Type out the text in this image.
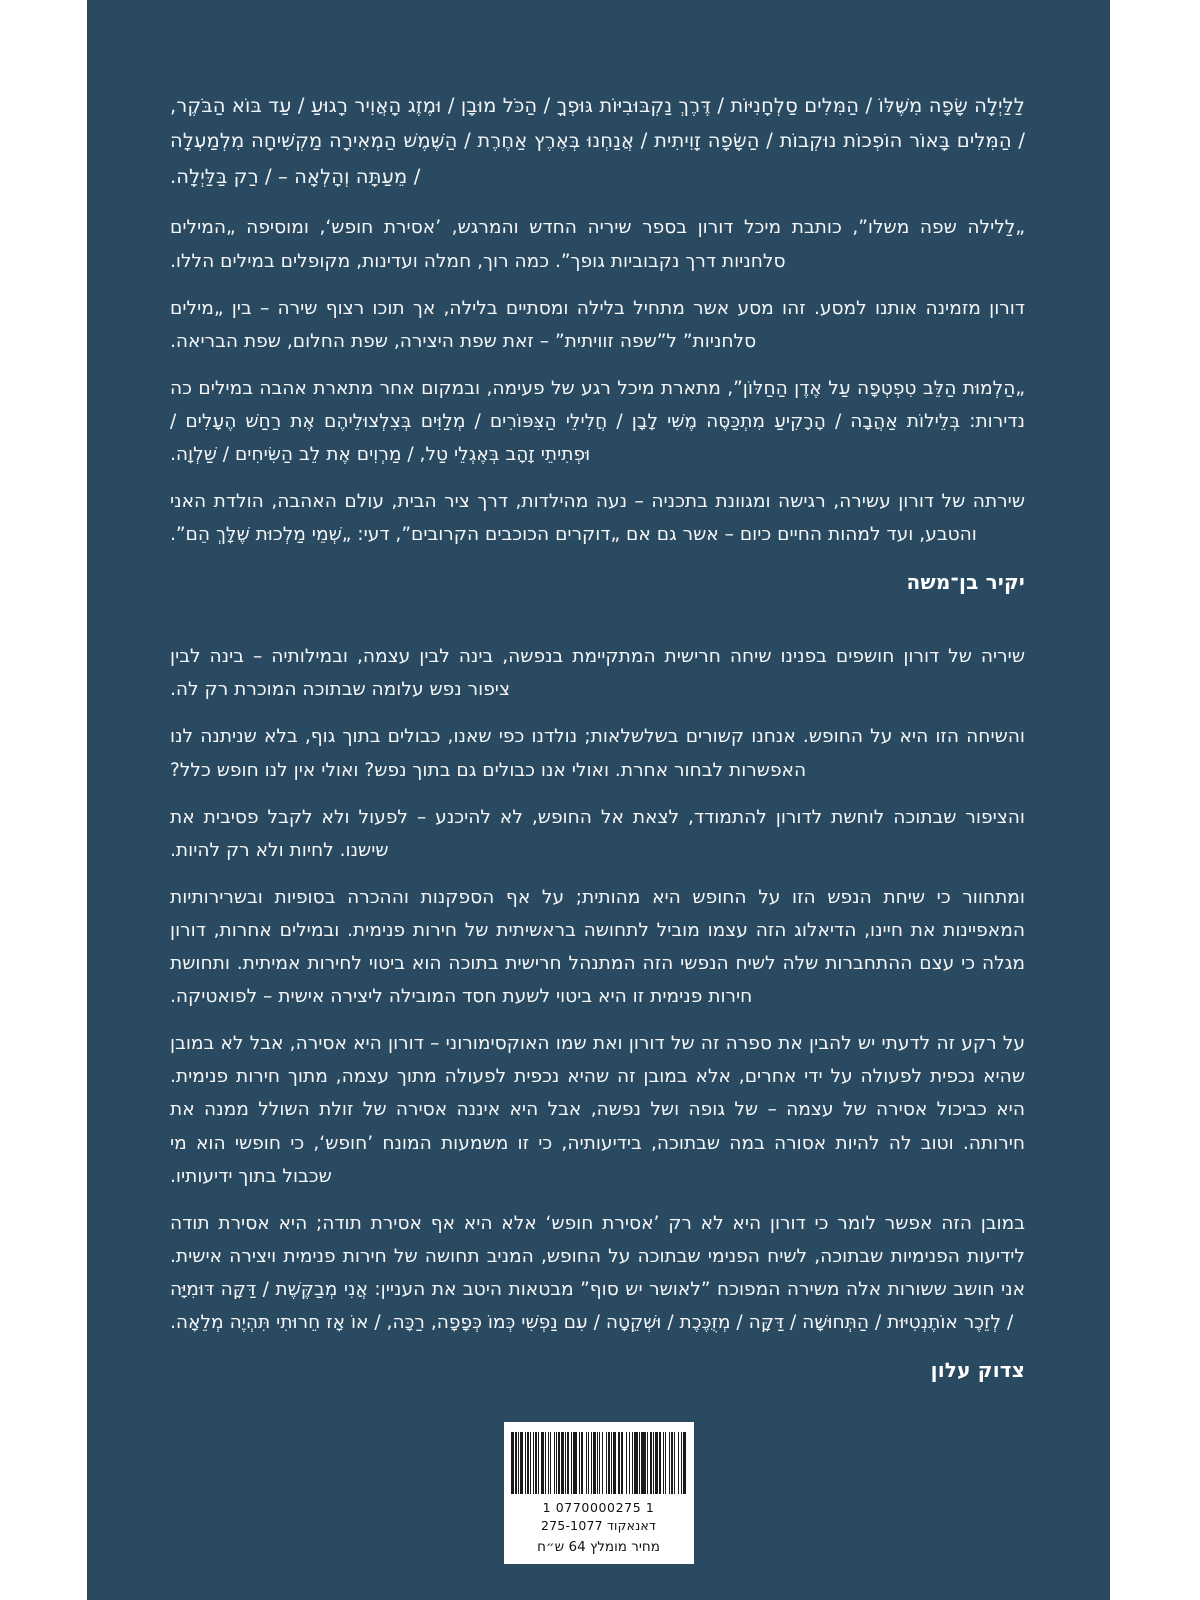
לַלַּיְלָה שָׂפָה מִשֶּׁלּוֹ / הַמִּלִים סַלְחָנִיּוֹת / דֶּרֶךְ נַקְבּוּבִיּוֹת גּוּפְךָ / הַכֹּל מוּבָן / וּמֶזֶג הָאֲוִיר רָגוּעַ / עַד בּוֹא הַבֹּקֶר, / הַמִּלִים בָּאוֹר הוֹפְכוֹת נוּקְבוֹת / הַשָּׂפָה זָוִיתִית / אֲנַחְנוּ בְּאֶרֶץ אַחֶרֶת / הַשֶּׁמֶשׁ הַמְאִירָה מַקְשִׁיחָה מִלְמַעְלָה / מֵעַתָּה וְהָלְאָה – / רַק בַּלַּיְלָה.

„לַלילה שפה משלו”, כותבת מיכל דורון בספר שיריה החדש והמרגש, ’אסירת חופש‘, ומוסיפה „המילים סלחניות דרך נקבוביות גופך”. כמה רוך, חמלה ועדינות, מקופלים במילים הללו.

דורון מזמינה אותנו למסע. זהו מסע אשר מתחיל בלילה ומסתיים בלילה, אך תוכו רצוף שירה – בין „מילים סלחניות” ל”שפה זוויתית” – זאת שפת היצירה, שפת החלום, שפת הבריאה.

„הַלְמוּת הַלֵּב טִפְטְפָה עַל אֶדֶן הַחַלּוֹן”, מתארת מיכל רגע של פעימה, ובמקום אחר מתארת אהבה במילים כה נדירות: בְּלֵילוֹת אַהֲבָה / הָרָקִיעַ מִתְכַּסֶּה מֶשִׁי לָבָן / חֲלִילֵי הַצִּפּוֹרִים / מְלַוִּים בְּצִלְצוּלֵיהֶם אֶת רַחַשׁ הֶעָלִים / וּפְתִיתֵי זָהָב בְּאֶגְלֵי טַל, / מַרְוִים אֶת לֵב הַשִּׂיחִים / שַׁלְוָה.

שירתה של דורון עשירה, רגישה ומגוונת בתכניה – נעה מהילדות, דרך ציר הבית, עולם האהבה, הולדת האני והטבע, ועד למהות החיים כיום – אשר גם אם „דוקרים הכוכבים הקרובים”, דעי: „שְׁמֵי מַלְכוּת שֶׁלָּךְ הֵם”.

יקיר בן־משה

שיריה של דורון חושפים בפנינו שיחה חרישית המתקיימת בנפשה, בינה לבין עצמה, ובמילותיה – בינה לבין ציפור נפש עלומה שבתוכה המוכרת רק לה.

והשיחה הזו היא על החופש. אנחנו קשורים בשלשלאות; נולדנו כפי שאנו, כבולים בתוך גוף, בלא שניתנה לנו האפשרות לבחור אחרת. ואולי אנו כבולים גם בתוך נפש? ואולי אין לנו חופש כלל?

והציפור שבתוכה לוחשת לדורון להתמודד, לצאת אל החופש, לא להיכנע – לפעול ולא לקבל פסיבית את שישנו. לחיות ולא רק להיות.

ומתחוור כי שיחת הנפש הזו על החופש היא מהותית; על אף הספקנות וההכרה בסופיות ובשרירותיות המאפיינות את חיינו, הדיאלוג הזה עצמו מוביל לתחושה בראשיתית של חירות פנימית. ובמילים אחרות, דורון מגלה כי עצם ההתחברות שלה לשיח הנפשי הזה המתנהל חרישית בתוכה הוא ביטוי לחירות אמיתית. ותחושת חירות פנימית זו היא ביטוי לשעת חסד המובילה ליצירה אישית – לפואטיקה.

על רקע זה לדעתי יש להבין את ספרה זה של דורון ואת שמו האוקסימורוני – דורון היא אסירה, אבל לא במובן שהיא נכפית לפעולה על ידי אחרים, אלא במובן זה שהיא נכפית לפעולה מתוך עצמה, מתוך חירות פנימית. היא כביכול אסירה של עצמה – של גופה ושל נפשה, אבל היא איננה אסירה של זולת השולל ממנה את חירותה. וטוב לה להיות אסורה במה שבתוכה, בידיעותיה, כי זו משמעות המונח ’חופש‘, כי חופשי הוא מי שכבול בתוך ידיעותיו.

במובן הזה אפשר לומר כי דורון היא לא רק ’אסירת חופש‘ אלא היא אף אסירת תודה; היא אסירת תודה לידיעות הפנימיות שבתוכה, לשיח הפנימי שבתוכה על החופש, המניב תחושה של חירות פנימית ויצירה אישית. אני חושב ששורות אלה משירה המפוכח ”לאושר יש סוף” מבטאות היטב את העניין: אֲנִי מְבַקֶּשֶׁת / דַּקָּה דּוּמִיָּה / לְזֵכֶר אוֹתֶנְטִיּוּת / הַתְּחוּשָׁה / דַּקָּה / מְזֻכֶּכֶת / וּשְׁקֵטָה / עִם נַפְשִׁי כְּמוֹ כְּפָפָה, רַכָּה, / אוֹ אָז חֵרוּתִי תִּהְיֶה מְלֵאָה.

צדוק עלון

1 0770000275 1
דאנאקוד 275-1077
מחיר מומלץ 64 ש״ח
